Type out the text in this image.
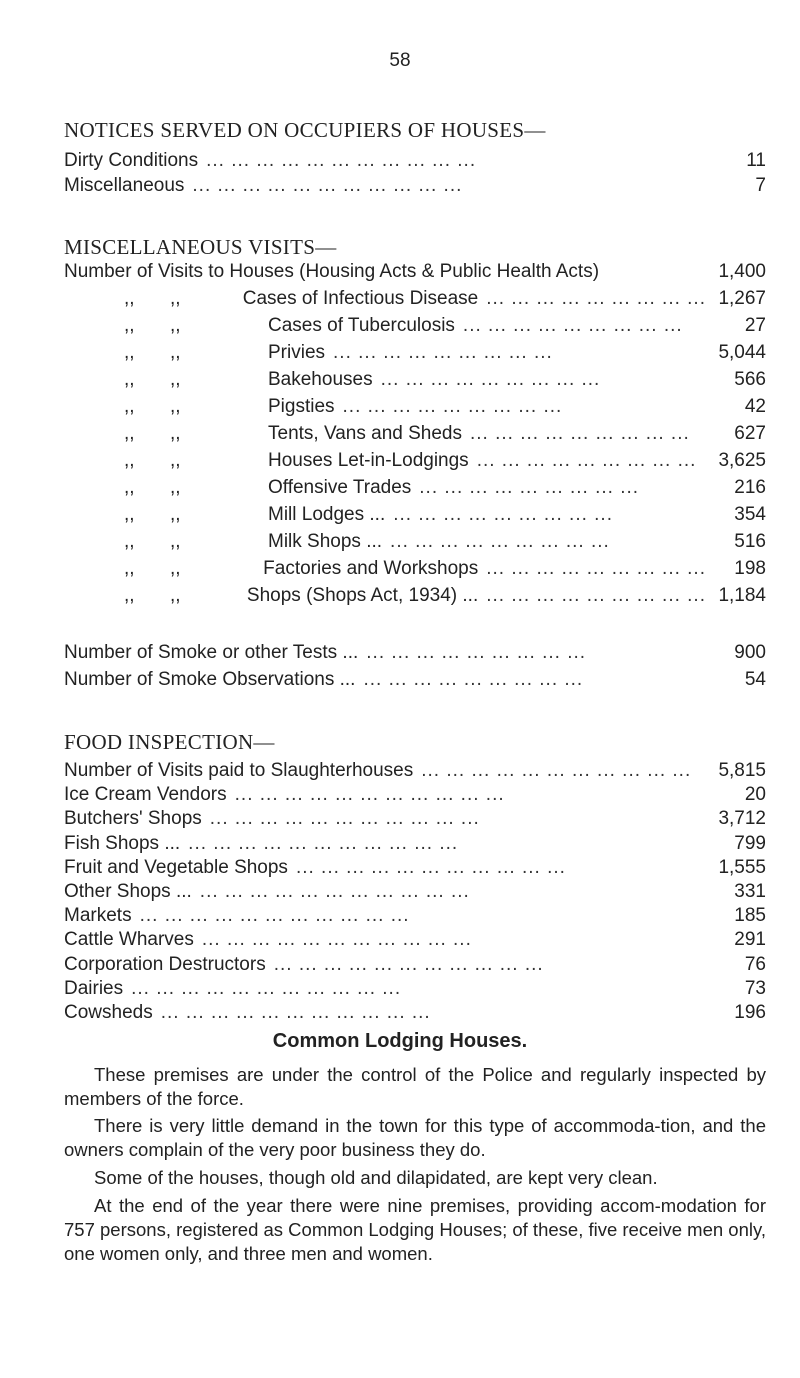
58
NOTICES SERVED ON OCCUPIERS OF HOUSES—
Dirty Conditions ... ... ... ... ... ... ... ... ... ... ...	11
Miscellaneous ... ... ... ... ... ... ... ... ... ... ...	7
MISCELLANEOUS VISITS—
Number of Visits to Houses (Housing Acts & Public Health Acts)	1,400
,, ,,	Cases of Infectious Disease ... ... ... ... ... ... ... ... ... 1,267
,, ,,	Cases of Tuberculosis ... ... ... ... ... ... ... ... ...	27
,, ,,	Privies ... ... ... ... ... ... ... ... ...	5,044
,, ,,	Bakehouses ... ... ... ... ... ... ... ... ...	566
,, ,,	Pigsties ... ... ... ... ... ... ... ... ...	42
,, ,,	Tents, Vans and Sheds ... ... ... ... ... ... ... ... ...	627
,, ,,	Houses Let-in-Lodgings ... ... ... ... ... ... ... ... ...	3,625
,, ,,	Offensive Trades ... ... ... ... ... ... ... ... ...	216
,, ,,	Mill Lodges ... ... ... ... ... ... ... ... ... ...	354
,, ,,	Milk Shops ... ... ... ... ... ... ... ... ... ...	516
,, ,,	Factories and Workshops ... ... ... ... ... ... ... ... ...	198
,, ,,	Shops (Shops Act, 1934) ... ... ... ... ... ... ... ... ... ... 1,184
Number of Smoke or other Tests ... ... ... ... ... ... ... ... ... ...	900
Number of Smoke Observations ... ... ... ... ... ... ... ... ... ...	54
FOOD INSPECTION—
Number of Visits paid to Slaughterhouses ... ... ... ... ... ... ... ... ... ... ...	5,815
Ice Cream Vendors ... ... ... ... ... ... ... ... ... ... ...	20
Butchers' Shops ... ... ... ... ... ... ... ... ... ... ...	3,712
Fish Shops ... ... ... ... ... ... ... ... ... ... ... ...	799
Fruit and Vegetable Shops ... ... ... ... ... ... ... ... ... ... ...	1,555
Other Shops ... ... ... ... ... ... ... ... ... ... ... ...	331
Markets ... ... ... ... ... ... ... ... ... ... ...	185
Cattle Wharves ... ... ... ... ... ... ... ... ... ... ...	291
Corporation Destructors ... ... ... ... ... ... ... ... ... ... ...	76
Dairies ... ... ... ... ... ... ... ... ... ... ...	73
Cowsheds ... ... ... ... ... ... ... ... ... ... ...	196
Common Lodging Houses.
These premises are under the control of the Police and regularly inspected by members of the force.
There is very little demand in the town for this type of accommoda-tion, and the owners complain of the very poor business they do.
Some of the houses, though old and dilapidated, are kept very clean.
At the end of the year there were nine premises, providing accom-modation for 757 persons, registered as Common Lodging Houses; of these, five receive men only, one women only, and three men and women.
